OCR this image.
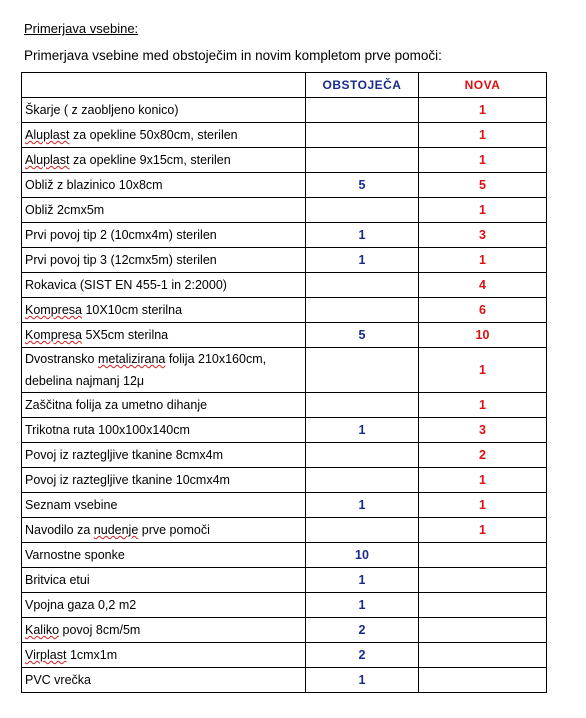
Primerjava vsebine:
Primerjava vsebine med obstoječim in novim kompletom prve pomoči:
	OBSTOJEČA	NOVA
Škarje ( z zaobljeno konico)		1
Aluplast za opekline 50x80cm, sterilen		1
Aluplast za opekline 9x15cm, sterilen		1
Obliž z blazinico 10x8cm	5	5
Obliž 2cmx5m		1
Prvi povoj tip 2 (10cmx4m) sterilen	1	3
Prvi povoj tip 3 (12cmx5m) sterilen	1	1
Rokavica (SIST EN 455-1 in 2:2000)		4
Kompresa 10X10cm sterilna		6
Kompresa 5X5cm sterilna	5	10
Dvostransko metalizirana folija 210x160cm, debelina najmanj 12μ		1
Zaščitna folija za umetno dihanje		1
Trikotna ruta 100x100x140cm	1	3
Povoj iz raztegljive tkanine 8cmx4m		2
Povoj iz raztegljive tkanine 10cmx4m		1
Seznam vsebine	1	1
Navodilo za nudenje prve pomoči		1
Varnostne sponke	10	
Britvica etui	1	
Vpojna gaza 0,2 m2	1	
Kaliko povoj 8cm/5m	2	
Virplast 1cmx1m	2	
PVC vrečka	1	
